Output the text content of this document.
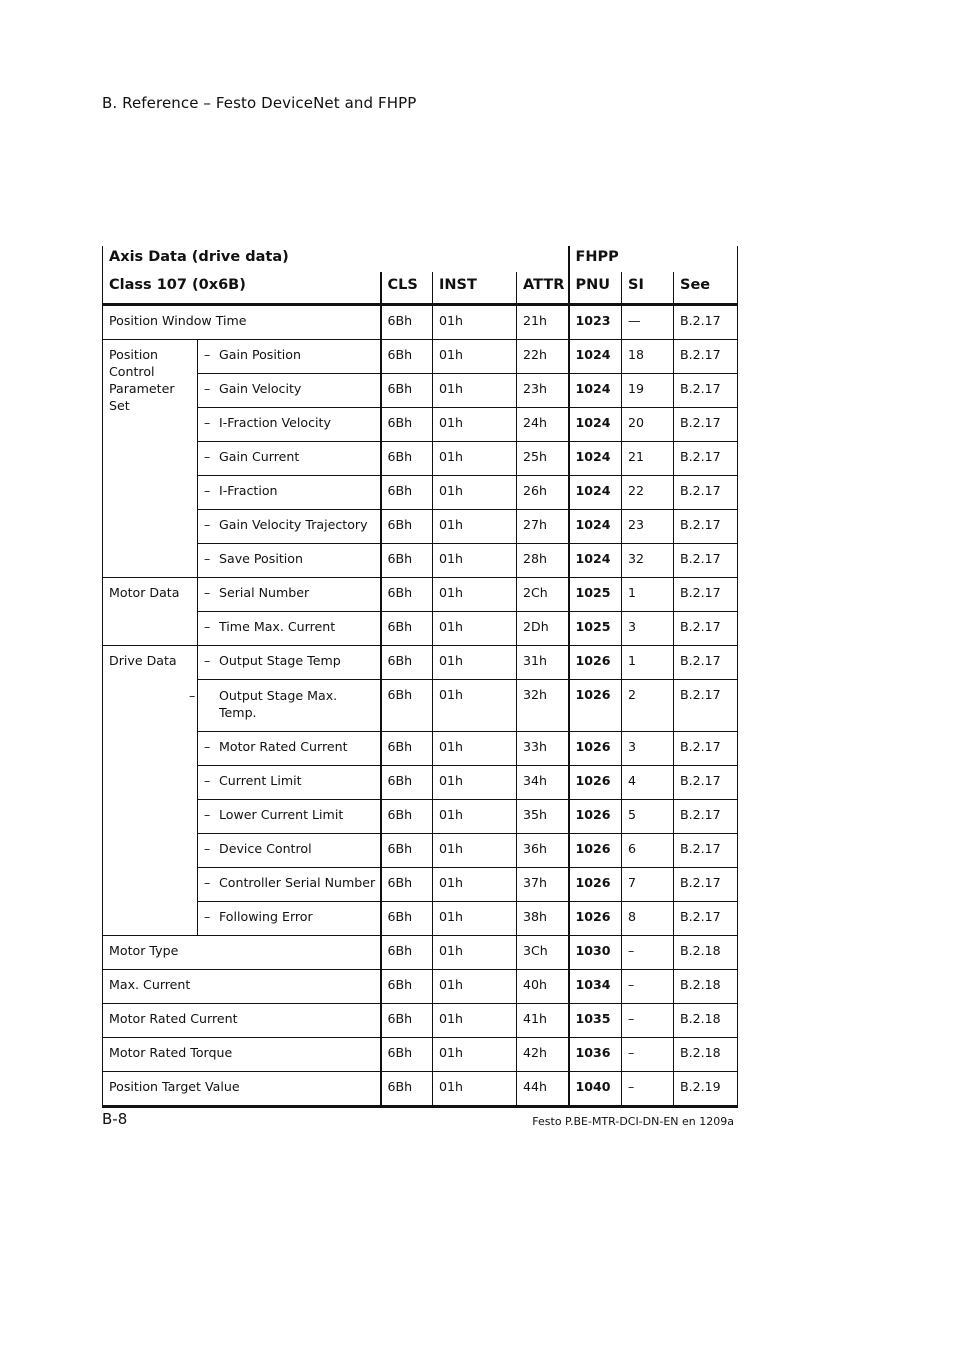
B. Reference – Festo DeviceNet and FHPP
Axis Data (drive data)					FHPP		
Class 107 (0x6B)		CLS	INST	ATTR	PNU	SI	See
Position Window Time		6Bh	01h	21h	1023	—	B.2.17
Position Control Parameter Set	– Gain Position	6Bh	01h	22h	1024	18	B.2.17
	– Gain Velocity	6Bh	01h	23h	1024	19	B.2.17
	– I-Fraction Velocity	6Bh	01h	24h	1024	20	B.2.17
	– Gain Current	6Bh	01h	25h	1024	21	B.2.17
	– I-Fraction	6Bh	01h	26h	1024	22	B.2.17
	– Gain Velocity Trajectory	6Bh	01h	27h	1024	23	B.2.17
	– Save Position	6Bh	01h	28h	1024	32	B.2.17
Motor Data	– Serial Number	6Bh	01h	2Ch	1025	1	B.2.17
	– Time Max. Current	6Bh	01h	2Dh	1025	3	B.2.17
Drive Data	– Output Stage Temp	6Bh	01h	31h	1026	1	B.2.17

	– Output Stage Max. Temp.	6Bh	01h	32h	1026	2	B.2.17
	– Motor Rated Current	6Bh	01h	33h	1026	3	B.2.17
	– Current Limit	6Bh	01h	34h	1026	4	B.2.17
	– Lower Current Limit	6Bh	01h	35h	1026	5	B.2.17
	– Device Control	6Bh	01h	36h	1026	6	B.2.17
	– Controller Serial Number	6Bh	01h	37h	1026	7	B.2.17
	– Following Error	6Bh	01h	38h	1026	8	B.2.17
Motor Type		6Bh	01h	3Ch	1030	–	B.2.18
Max. Current		6Bh	01h	40h	1034	–	B.2.18
Motor Rated Current		6Bh	01h	41h	1035	–	B.2.18
Motor Rated Torque		6Bh	01h	42h	1036	–	B.2.18
Position Target Value		6Bh	01h	44h	1040	–	B.2.19
B-8	Festo P.BE-MTR-DCI-DN-EN en 1209a
